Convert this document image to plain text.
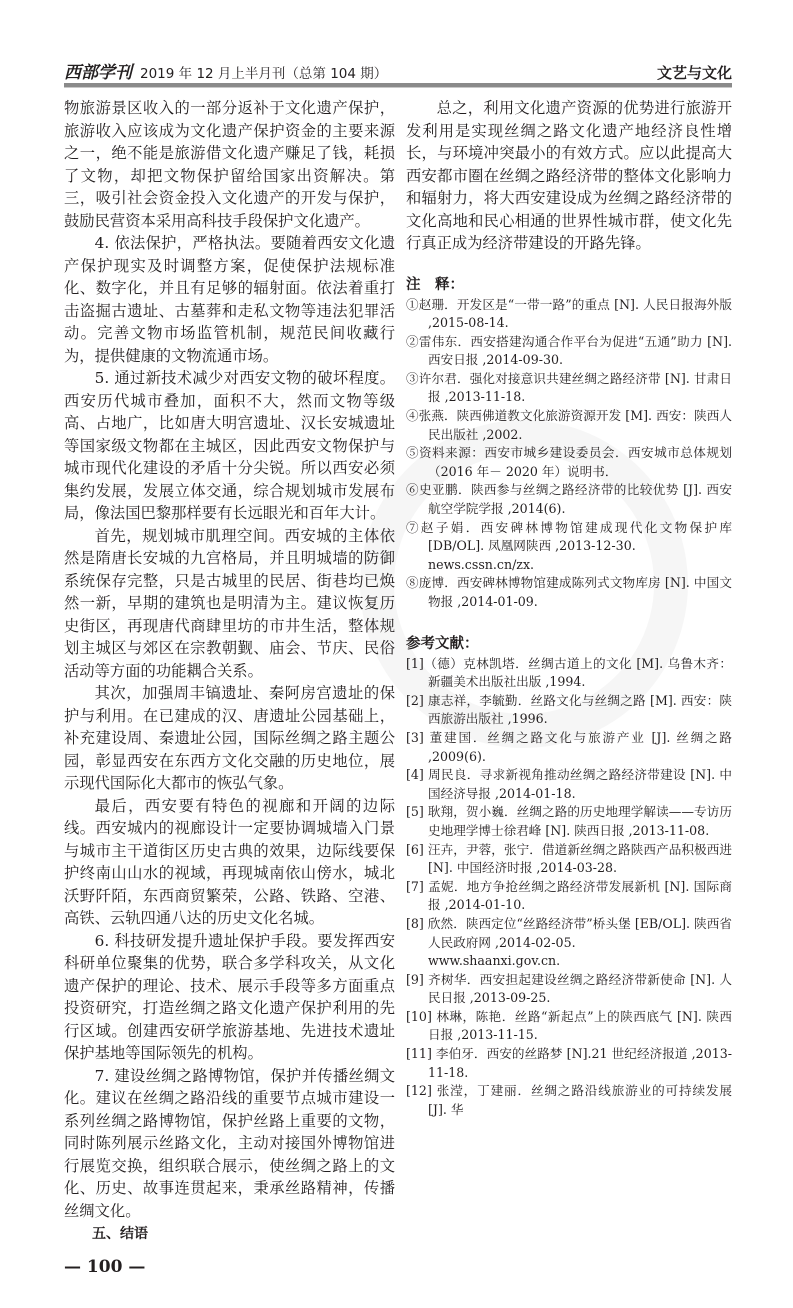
西部学刊 2019 年 12 月上半月刊（总第 104 期）	文艺与文化

物旅游景区收入的一部分返补于文化遗产保护，旅游收入应该成为文化遗产保护资金的主要来源之一，绝不能是旅游借文化遗产赚足了钱，耗损了文物，却把文物保护留给国家出资解决。第三，吸引社会资金投入文化遗产的开发与保护，鼓励民营资本采用高科技手段保护文化遗产。

4. 依法保护，严格执法。要随着西安文化遗产保护现实及时调整方案，促使保护法规标准化、数字化，并且有足够的辐射面。依法着重打击盗掘古遗址、古墓葬和走私文物等违法犯罪活动。完善文物市场监管机制，规范民间收藏行为，提供健康的文物流通市场。

5. 通过新技术减少对西安文物的破坏程度。西安历代城市叠加，面积不大，然而文物等级高、占地广，比如唐大明宫遗址、汉长安城遗址等国家级文物都在主城区，因此西安文物保护与城市现代化建设的矛盾十分尖锐。所以西安必须集约发展，发展立体交通，综合规划城市发展布局，像法国巴黎那样要有长远眼光和百年大计。

首先，规划城市肌理空间。西安城的主体依然是隋唐长安城的九宫格局，并且明城墙的防御系统保存完整，只是古城里的民居、街巷均已焕然一新，早期的建筑也是明清为主。建议恢复历史街区，再现唐代商肆里坊的市井生活，整体规划主城区与郊区在宗教朝觐、庙会、节庆、民俗活动等方面的功能耦合关系。

其次，加强周丰镐遗址、秦阿房宫遗址的保护与利用。在已建成的汉、唐遗址公园基础上，补充建设周、秦遗址公园，国际丝绸之路主题公园，彰显西安在东西方文化交融的历史地位，展示现代国际化大都市的恢弘气象。

最后，西安要有特色的视廊和开阔的边际线。西安城内的视廊设计一定要协调城墙入门景与城市主干道街区历史古典的效果，边际线要保护终南山山水的视域，再现城南依山傍水，城北沃野阡陌，东西商贸繁荣，公路、铁路、空港、高铁、云轨四通八达的历史文化名城。

6. 科技研发提升遗址保护手段。要发挥西安科研单位聚集的优势，联合多学科攻关，从文化遗产保护的理论、技术、展示手段等多方面重点投资研究，打造丝绸之路文化遗产保护利用的先行区域。创建西安研学旅游基地、先进技术遗址保护基地等国际领先的机构。

7. 建设丝绸之路博物馆，保护并传播丝绸文化。建议在丝绸之路沿线的重要节点城市建设一系列丝绸之路博物馆，保护丝路上重要的文物，同时陈列展示丝路文化，主动对接国外博物馆进行展览交换，组织联合展示，使丝绸之路上的文化、历史、故事连贯起来，秉承丝路精神，传播丝绸文化。

五、结语

— 100 —

总之，利用文化遗产资源的优势进行旅游开发利用是实现丝绸之路文化遗产地经济良性增长，与环境冲突最小的有效方式。应以此提高大西安都市圈在丝绸之路经济带的整体文化影响力和辐射力，将大西安建设成为丝绸之路经济带的文化高地和民心相通的世界性城市群，使文化先行真正成为经济带建设的开路先锋。

注　释：

①赵珊．开发区是“一带一路”的重点 [N]. 人民日报海外版 ,2015-08-14.

②雷伟东．西安搭建沟通合作平台为促进“五通”助力 [N]. 西安日报 ,2014-09-30.

③许尔君．强化对接意识共建丝绸之路经济带 [N]. 甘肃日报 ,2013-11-18.

④张燕．陕西佛道教文化旅游资源开发 [M]. 西安：陕西人民出版社 ,2002.

⑤资料来源：西安市城乡建设委员会．西安城市总体规划（2016 年－ 2020 年）说明书．

⑥史亚鹏．陕西参与丝绸之路经济带的比较优势 [J]. 西安航空学院学报 ,2014(6).

⑦赵子娟．西安碑林博物馆建成现代化文物保护库 [DB/OL]. 凤凰网陕西 ,2013-12-30.

news.cssn.cn/zx.

⑧庞博．西安碑林博物馆建成陈列式文物库房 [N]. 中国文物报 ,2014-01-09.

参考文献：

[1]（德）克林凯塔．丝绸古道上的文化 [M]. 乌鲁木齐：新疆美术出版社出版 ,1994.

[2] 康志祥，李毓勤．丝路文化与丝绸之路 [M]. 西安：陕西旅游出版社 ,1996.

[3] 董建国．丝绸之路文化与旅游产业 [J]. 丝绸之路 ,2009(6).

[4] 周民良．寻求新视角推动丝绸之路经济带建设 [N]. 中国经济导报 ,2014-01-18.

[5] 耿翔，贺小巍．丝绸之路的历史地理学解读——专访历史地理学博士徐君峰 [N]. 陕西日报 ,2013-11-08.

[6] 汪卉，尹蓉，张宁．借道新丝绸之路陕西产品积极西进 [N]. 中国经济时报 ,2014-03-28.

[7] 孟妮．地方争抢丝绸之路经济带发展新机 [N]. 国际商报 ,2014-01-10.

[8] 欣然．陕西定位“丝路经济带”桥头堡 [EB/OL]. 陕西省人民政府网 ,2014-02-05.

www.shaanxi.gov.cn.

[9] 齐树华．西安担起建设丝绸之路经济带新使命 [N]. 人民日报 ,2013-09-25.

[10] 林琳，陈艳．丝路“新起点”上的陕西底气 [N]. 陕西日报 ,2013-11-15.

[11] 李伯牙．西安的丝路梦 [N].21 世纪经济报道 ,2013-11-18.

[12] 张滢，丁建丽．丝绸之路沿线旅游业的可持续发展 [J]. 华
